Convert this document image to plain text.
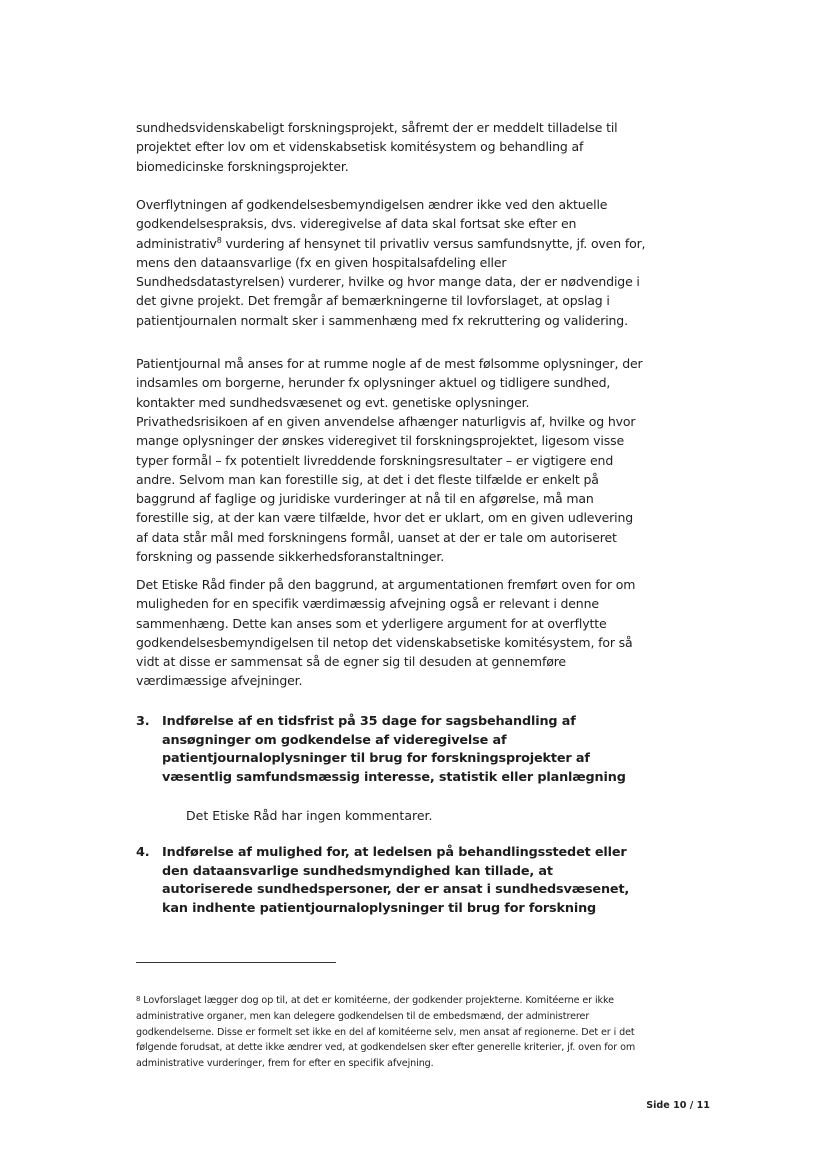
sundhedsvidenskabeligt forskningsprojekt, såfremt der er meddelt tilladelse til projektet efter lov om et videnskabsetisk komitésystem og behandling af biomedicinske forskningsprojekter.

Overflytningen af godkendelsesbemyndigelsen ændrer ikke ved den aktuelle godkendelsespraksis, dvs. videregivelse af data skal fortsat ske efter en administrativ$^8$ vurdering af hensynet til privatliv versus samfundsnytte, jf. oven for, mens den dataansvarlige (fx en given hospitalsafdeling eller Sundhedsdatastyrelsen) vurderer, hvilke og hvor mange data, der er nødvendige i det givne projekt. Det fremgår af bemærkningerne til lovforslaget, at opslag i patientjournalen normalt sker i sammenhæng med fx rekruttering og validering.

Patientjournal må anses for at rumme nogle af de mest følsomme oplysninger, der indsamles om borgerne, herunder fx oplysninger aktuel og tidligere sundhed, kontakter med sundhedsvæsenet og evt. genetiske oplysninger.

Privathedsrisikoen af en given anvendelse afhænger naturligvis af, hvilke og hvor mange oplysninger der ønskes videregivet til forskningsprojektet, ligesom visse typer formål – fx potentielt livreddende forskningsresultater – er vigtigere end andre. Selvom man kan forestille sig, at det i det fleste tilfælde er enkelt på baggrund af faglige og juridiske vurderinger at nå til en afgørelse, må man forestille sig, at der kan være tilfælde, hvor det er uklart, om en given udlevering af data står mål med forskningens formål, uanset at der er tale om autoriseret forskning og passende sikkerhedsforanstaltninger.

Det Etiske Råd finder på den baggrund, at argumentationen fremført oven for om muligheden for en specifik værdimæssig afvejning også er relevant i denne sammenhæng. Dette kan anses som et yderligere argument for at overflytte godkendelsesbemyndigelsen til netop det videnskabsetiske komitésystem, for så vidt at disse er sammensat så de egner sig til desuden at gennemføre værdimæssige afvejninger.

3. Indførelse af en tidsfrist på 35 dage for sagsbehandling af ansøgninger om godkendelse af videregivelse af patientjournaloplysninger til brug for forskningsprojekter af væsentlig samfundsmæssig interesse, statistik eller planlægning

Det Etiske Råd har ingen kommentarer.

4. Indførelse af mulighed for, at ledelsen på behandlingsstedet eller den dataansvarlige sundhedsmyndighed kan tillade, at autoriserede sundhedspersoner, der er ansat i sundhedsvæsenet, kan indhente patientjournaloplysninger til brug for forskning

$^8$ Lovforslaget lægger dog op til, at det er komitéerne, der godkender projekterne. Komitéerne er ikke administrative organer, men kan delegere godkendelsen til de embedsmænd, der administrerer godkendelserne. Disse er formelt set ikke en del af komitéerne selv, men ansat af regionerne. Det er i det følgende forudsat, at dette ikke ændrer ved, at godkendelsen sker efter generelle kriterier, jf. oven for om administrative vurderinger, frem for efter en specifik afvejning.

Side 10 / 11
